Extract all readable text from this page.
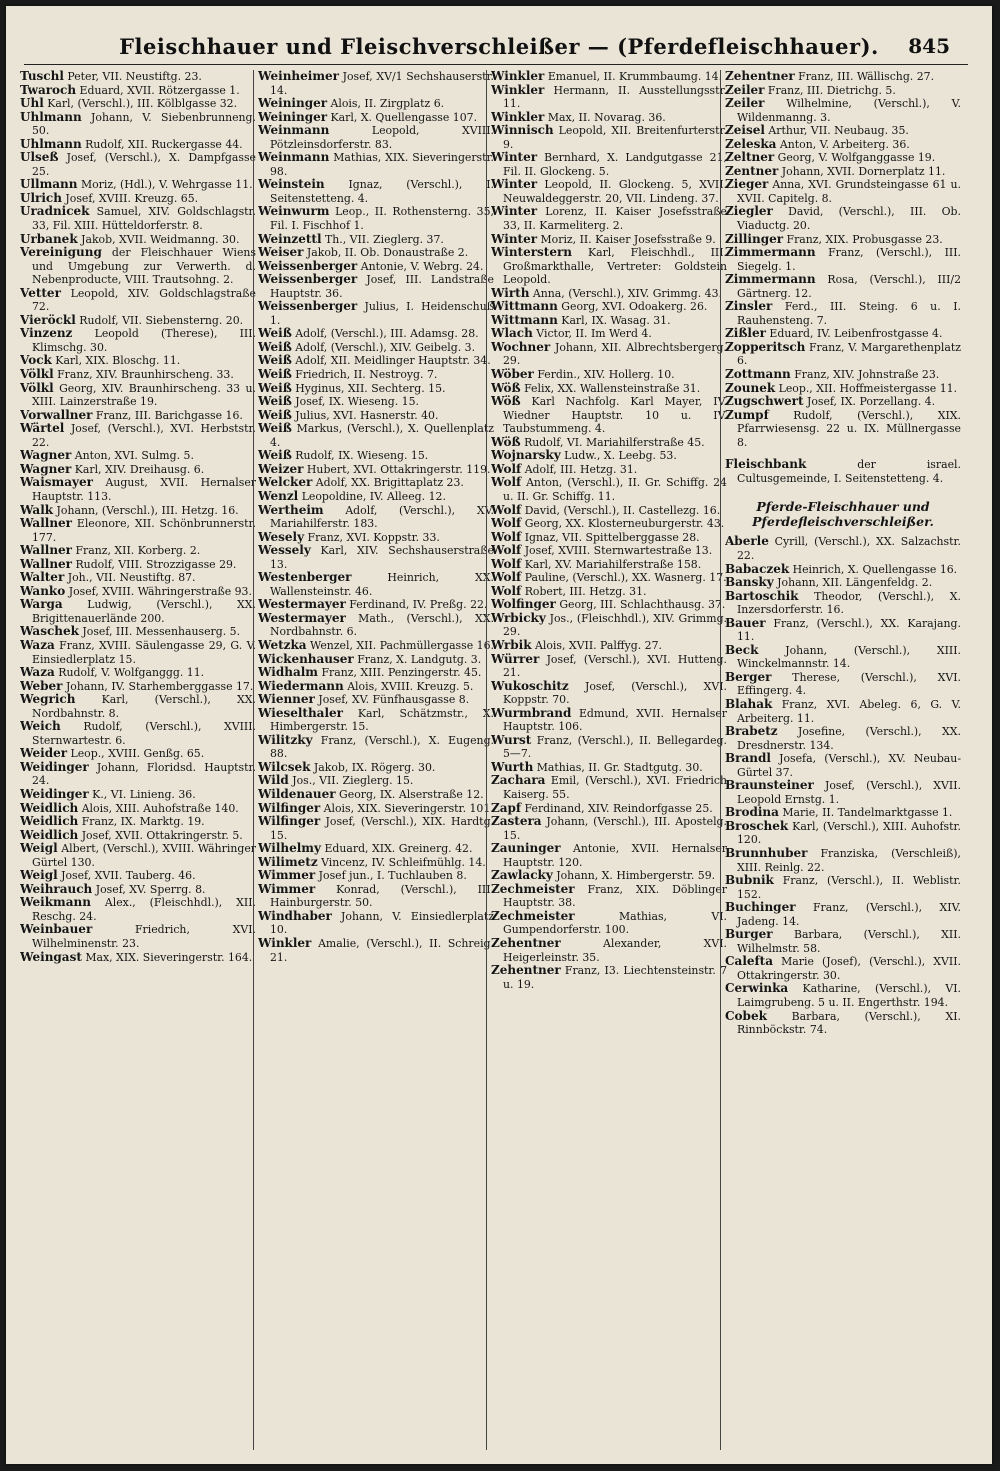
Fleischhauer und Fleischverschleißer — (Pferdefleischhauer).	845

Tuschl Peter, VII. Neustiftg. 23.

Twaroch Eduard, XVII. Rötzergasse 1.

Uhl Karl, (Verschl.), III. Kölblgasse 32.

Uhlmann Johann, V. Siebenbrunneng. 50.

Uhlmann Rudolf, XII. Ruckergasse 44.

Ulseß Josef, (Verschl.), X. Dampfgasse 25.

Ullmann Moriz, (Hdl.), V. Wehrgasse 11.

Ulrich Josef, XVIII. Kreuzg. 65.

Uradnicek Samuel, XIV. Goldschlagstr. 33, Fil. XIII. Hütteldorferstr. 8.

Urbanek Jakob, XVII. Weidmanng. 30.

Vereinigung der Fleischhauer Wiens und Umgebung zur Verwerth. d. Nebenproducte, VIII. Trautsohng. 2.

Vetter Leopold, XIV. Goldschlagstraße 72.

Vieröckl Rudolf, VII. Siebensterng. 20.

Vinzenz Leopold (Therese), III. Klimschg. 30.

Vock Karl, XIX. Bloschg. 11.

Völkl Franz, XIV. Braunhirscheng. 33.

Völkl Georg, XIV. Braunhirscheng. 33 u. XIII. Lainzerstraße 19.

Vorwallner Franz, III. Barichgasse 16.

Wärtel Josef, (Verschl.), XVI. Herbststr. 22.

Wagner Anton, XVI. Sulmg. 5.

Wagner Karl, XIV. Dreihausg. 6.

Waismayer August, XVII. Hernalser Hauptstr. 113.

Walk Johann, (Verschl.), III. Hetzg. 16.

Wallner Eleonore, XII. Schönbrunnerstr. 177.

Wallner Franz, XII. Korberg. 2.

Wallner Rudolf, VIII. Strozzigasse 29.

Walter Joh., VII. Neustiftg. 87.

Wanko Josef, XVIII. Währingerstraße 93.

Warga Ludwig, (Verschl.), XX. Brigittenauerlände 200.

Waschek Josef, III. Messenhauserg. 5.

Waza Franz, XVIII. Säulengasse 29, G. V. Einsiedlerplatz 15.

Waza Rudolf, V. Wolfganggg. 11.

Weber Johann, IV. Starhemberggasse 17.

Wegrich Karl, (Verschl.), XX. Nordbahnstr. 8.

Weich Rudolf, (Verschl.), XVIII. Sternwartestr. 6.

Weider Leop., XVIII. Genßg. 65.

Weidinger Johann, Floridsd. Hauptstr. 24.

Weidinger K., VI. Linieng. 36.

Weidlich Alois, XIII. Auhofstraße 140.

Weidlich Franz, IX. Marktg. 19.

Weidlich Josef, XVII. Ottakringerstr. 5.

Weigl Albert, (Verschl.), XVIII. Währinger Gürtel 130.

Weigl Josef, XVII. Tauberg. 46.

Weihrauch Josef, XV. Sperrg. 8.

Weikmann Alex., (Fleischhdl.), XII. Reschg. 24.

Weinbauer Friedrich, XVI. Wilhelminenstr. 23.

Weingast Max, XIX. Sieveringerstr. 164.

Weinheimer Josef, XV/1 Sechshauserstr. 14.

Weininger Alois, II. Zirgplatz 6.

Weininger Karl, X. Quellengasse 107.

Weinmann Leopold, XVIII. Pötzleinsdorferstr. 83.

Weinmann Mathias, XIX. Sieveringerstr. 98.

Weinstein Ignaz, (Verschl.), I. Seitenstetteng. 4.

Weinwurm Leop., II. Rothensterng. 35, Fil. I. Fischhof 1.

Weinzettl Th., VII. Zieglerg. 37.

Weiser Jakob, II. Ob. Donaustraße 2.

Weissenberger Antonie, V. Webrg. 24.

Weissenberger Josef, III. Landstraße Hauptstr. 36.

Weissenberger Julius, I. Heidenschuß 1.

Weiß Adolf, (Verschl.), III. Adamsg. 28.

Weiß Adolf, (Verschl.), XIV. Geibelg. 3.

Weiß Adolf, XII. Meidlinger Hauptstr. 34.

Weiß Friedrich, II. Nestroyg. 7.

Weiß Hyginus, XII. Sechterg. 15.

Weiß Josef, IX. Wieseng. 15.

Weiß Julius, XVI. Hasnerstr. 40.

Weiß Markus, (Verschl.), X. Quellenplatz 4.

Weiß Rudolf, IX. Wieseng. 15.

Weizer Hubert, XVI. Ottakringerstr. 119.

Welcker Adolf, XX. Brigittaplatz 23.

Wenzl Leopoldine, IV. Alleeg. 12.

Wertheim Adolf, (Verschl.), XV. Mariahilferstr. 183.

Wesely Franz, XVI. Koppstr. 33.

Wessely Karl, XIV. Sechshauserstraße 13.

Westenberger Heinrich, XX. Wallensteinstr. 46.

Westermayer Ferdinand, IV. Preßg. 22.

Westermayer Math., (Verschl.), XX. Nordbahnstr. 6.

Wetzka Wenzel, XII. Pachmüllergasse 16.

Wickenhauser Franz, X. Landgutg. 3.

Widhalm Franz, XIII. Penzingerstr. 45.

Wiedermann Alois, XVIII. Kreuzg. 5.

Wienner Josef, XV. Fünfhausgasse 8.

Wieselthaler Karl, Schätzmstr., X. Himbergerstr. 15.

Wilitzky Franz, (Verschl.), X. Eugeng. 88.

Wilcsek Jakob, IX. Rögerg. 30.

Wild Jos., VII. Zieglerg. 15.

Wildenauer Georg, IX. Alserstraße 12.

Wilfinger Alois, XIX. Sieveringerstr. 101.

Wilfinger Josef, (Verschl.), XIX. Hardtg. 15.

Wilhelmy Eduard, XIX. Greinerg. 42.

Wilimetz Vincenz, IV. Schleifmühlg. 14.

Wimmer Josef jun., I. Tuchlauben 8.

Wimmer Konrad, (Verschl.), III. Hainburgerstr. 50.

Windhaber Johann, V. Einsiedlerplatz 10.

Winkler Amalie, (Verschl.), II. Schreig. 21.

Winkler Emanuel, II. Krummbaumg. 14.

Winkler Hermann, II. Ausstellungsstr. 11.

Winkler Max, II. Novarag. 36.

Winnisch Leopold, XII. Breitenfurterstr. 9.

Winter Bernhard, X. Landgutgasse 21, Fil. II. Glockeng. 5.

Winter Leopold, II. Glockeng. 5, XVII. Neuwaldeggerstr. 20, VII. Lindeng. 37.

Winter Lorenz, II. Kaiser Josefsstraße 33, II. Karmeliterg. 2.

Winter Moriz, II. Kaiser Josefsstraße 9.

Winterstern Karl, Fleischhdl., III. Großmarkthalle, Vertreter: Goldstein Leopold.

Wirth Anna, (Verschl.), XIV. Grimmg. 43.

Wittmann Georg, XVI. Odoakerg. 26.

Wittmann Karl, IX. Wasag. 31.

Wlach Victor, II. Im Werd 4.

Wochner Johann, XII. Albrechtsbergerg. 29.

Wöber Ferdin., XIV. Hollerg. 10.

Wöß Felix, XX. Wallensteinstraße 31.

Wöß Karl Nachfolg. Karl Mayer, IV. Wiedner Hauptstr. 10 u. IV. Taubstummeng. 4.

Wöß Rudolf, VI. Mariahilferstraße 45.

Wojnarsky Ludw., X. Leebg. 53.

Wolf Adolf, III. Hetzg. 31.

Wolf Anton, (Verschl.), II. Gr. Schiffg. 24 u. II. Gr. Schiffg. 11.

Wolf David, (Verschl.), II. Castellezg. 16.

Wolf Georg, XX. Klosterneuburgerstr. 43.

Wolf Ignaz, VII. Spittelberggasse 28.

Wolf Josef, XVIII. Sternwartestraße 13.

Wolf Karl, XV. Mariahilferstraße 158.

Wolf Pauline, (Verschl.), XX. Wasnerg. 17.

Wolf Robert, III. Hetzg. 31.

Wolfinger Georg, III. Schlachthausg. 37.

Wrbicky Jos., (Fleischhdl.), XIV. Grimmg. 29.

Wrbik Alois, XVII. Palffyg. 27.

Würrer Josef, (Verschl.), XVI. Hutteng. 21.

Wukoschitz Josef, (Verschl.), XVI. Koppstr. 70.

Wurmbrand Edmund, XVII. Hernalser Hauptstr. 106.

Wurst Franz, (Verschl.), II. Bellegardeg. 5—7.

Wurth Mathias, II. Gr. Stadtgutg. 30.

Zachara Emil, (Verschl.), XVI. Friedrich Kaiserg. 55.

Zapf Ferdinand, XIV. Reindorfgasse 25.

Zastera Johann, (Verschl.), III. Apostelg. 15.

Zauninger Antonie, XVII. Hernalser Hauptstr. 120.

Zawlacky Johann, X. Himbergerstr. 59.

Zechmeister Franz, XIX. Döblinger Hauptstr. 38.

Zechmeister Mathias, VI. Gumpendorferstr. 100.

Zehentner Alexander, XVI. Heigerleinstr. 35.

Zehentner Franz, I3. Liechtensteinstr. 7 u. 19.

Zehentner Franz, III. Wällischg. 27.

Zeiler Franz, III. Dietrichg. 5.

Zeiler Wilhelmine, (Verschl.), V. Wildenmanng. 3.

Zeisel Arthur, VII. Neubaug. 35.

Zeleska Anton, V. Arbeiterg. 36.

Zeltner Georg, V. Wolfganggasse 19.

Zentner Johann, XVII. Dornerplatz 11.

Zieger Anna, XVI. Grundsteingasse 61 u. XVII. Capitelg. 8.

Ziegler David, (Verschl.), III. Ob. Viaductg. 20.

Zillinger Franz, XIX. Probusgasse 23.

Zimmermann Franz, (Verschl.), III. Siegelg. 1.

Zimmermann Rosa, (Verschl.), III/2 Gärtnerg. 12.

Zinsler Ferd., III. Steing. 6 u. I. Rauhensteng. 7.

Zißler Eduard, IV. Leibenfrostgasse 4.

Zopperitsch Franz, V. Margarethenplatz 6.

Zottmann Franz, XIV. Johnstraße 23.

Zounek Leop., XII. Hoffmeistergasse 11.

Zugschwert Josef, IX. Porzellang. 4.

Zumpf Rudolf, (Verschl.), XIX. Pfarrwiesensg. 22 u. IX. Müllnergasse 8.

Fleischbank der israel. Cultusgemeinde, I. Seitenstetteng. 4.

Pferde-Fleischhauer und Pferdefleischverschleißer.

Aberle Cyrill, (Verschl.), XX. Salzachstr. 22.

Babaczek Heinrich, X. Quellengasse 16.

Bansky Johann, XII. Längenfeldg. 2.

Bartoschik Theodor, (Verschl.), X. Inzersdorferstr. 16.

Bauer Franz, (Verschl.), XX. Karajang. 11.

Beck Johann, (Verschl.), XIII. Winckelmannstr. 14.

Berger Therese, (Verschl.), XVI. Effingerg. 4.

Blahak Franz, XVI. Abeleg. 6, G. V. Arbeiterg. 11.

Brabetz Josefine, (Verschl.), XX. Dresdnerstr. 134.

Brandl Josefa, (Verschl.), XV. Neubau-Gürtel 37.

Braunsteiner Josef, (Verschl.), XVII. Leopold Ernstg. 1.

Brodina Marie, II. Tandelmarktgasse 1.

Broschek Karl, (Verschl.), XIII. Auhofstr. 120.

Brunnhuber Franziska, (Verschleiß), XIII. Reinlg. 22.

Bubnik Franz, (Verschl.), II. Weblistr. 152.

Buchinger Franz, (Verschl.), XIV. Jadeng. 14.

Burger Barbara, (Verschl.), XII. Wilhelmstr. 58.

Calefta Marie (Josef), (Verschl.), XVII. Ottakringerstr. 30.

Cerwinka Katharine, (Verschl.), VI. Laimgrubeng. 5 u. II. Engerthstr. 194.

Cobek Barbara, (Verschl.), XI. Rinnböckstr. 74.
